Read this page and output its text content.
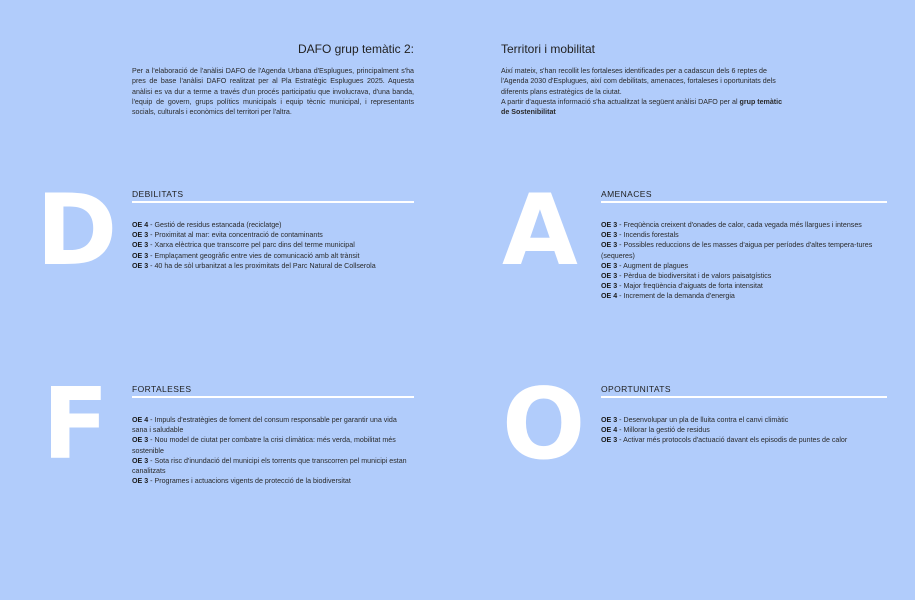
DAFO grup temàtic 2:	Territori i mobilitat

Per a l'elaboració de l'anàlisi DAFO de l'Agenda Urbana d'Esplugues, principalment s'ha pres de base l'anàlisi DAFO realitzat per al Pla Estratègic Esplugues 2025. Aquesta anàlisi es va dur a terme a través d'un procés participatiu que involucrava, d'una banda, l'equip de govern, grups polítics municipals i equip tècnic municipal, i representants socials, culturals i econòmics del territori per l'altra.

Així mateix, s'han recollit les fortaleses identificades per a cadascun dels 6 reptes de l'Agenda 2030 d'Esplugues, així com debilitats, amenaces, fortaleses i oportunitats dels diferents plans estratègics de la ciutat.

A partir d'aquesta informació s'ha actualitzat la següent anàlisi DAFO per al grup temàtic de Sostenibilitat

D	A
F	O
DEBILITATS
OE 4 - Gestió de residus estancada (reciclatge)
OE 3 - Proximitat al mar: evita concentració de contaminants
OE 3 - Xarxa elèctrica que transcorre pel parc dins del terme municipal
OE 3 - Emplaçament geogràfic entre vies de comunicació amb alt trànsit
OE 3 - 40 ha de sòl urbanitzat a les proximitats del Parc Natural de Collserola
AMENACES
OE 3 - Freqüència creixent d'onades de calor, cada vegada més llargues i intenses
OE 3 - Incendis forestals
OE 3 - Possibles reduccions de les masses d'aigua per períodes d'altes tempera-tures (sequeres)
OE 3 - Augment de plagues
OE 3 - Pèrdua de biodiversitat i de valors paisatgístics
OE 3 - Major freqüència d'aiguats de forta intensitat
OE 4 - Increment de la demanda d'energia
FORTALESES
OE 4 - Impuls d'estratègies de foment del consum responsable per garantir una vida sana i saludable
OE 3 - Nou model de ciutat per combatre la crisi climàtica: més verda, mobilitat més sostenible
OE 3 - Sota risc d'inundació del municipi els torrents que transcorren pel municipi estan canalitzats
OE 3 - Programes i actuacions vigents de protecció de la biodiversitat
OPORTUNITATS
OE 3 - Desenvolupar un pla de lluita contra el canvi climàtic
OE 4 - Millorar la gestió de residus
OE 3 - Activar més protocols d'actuació davant els episodis de puntes de calor
